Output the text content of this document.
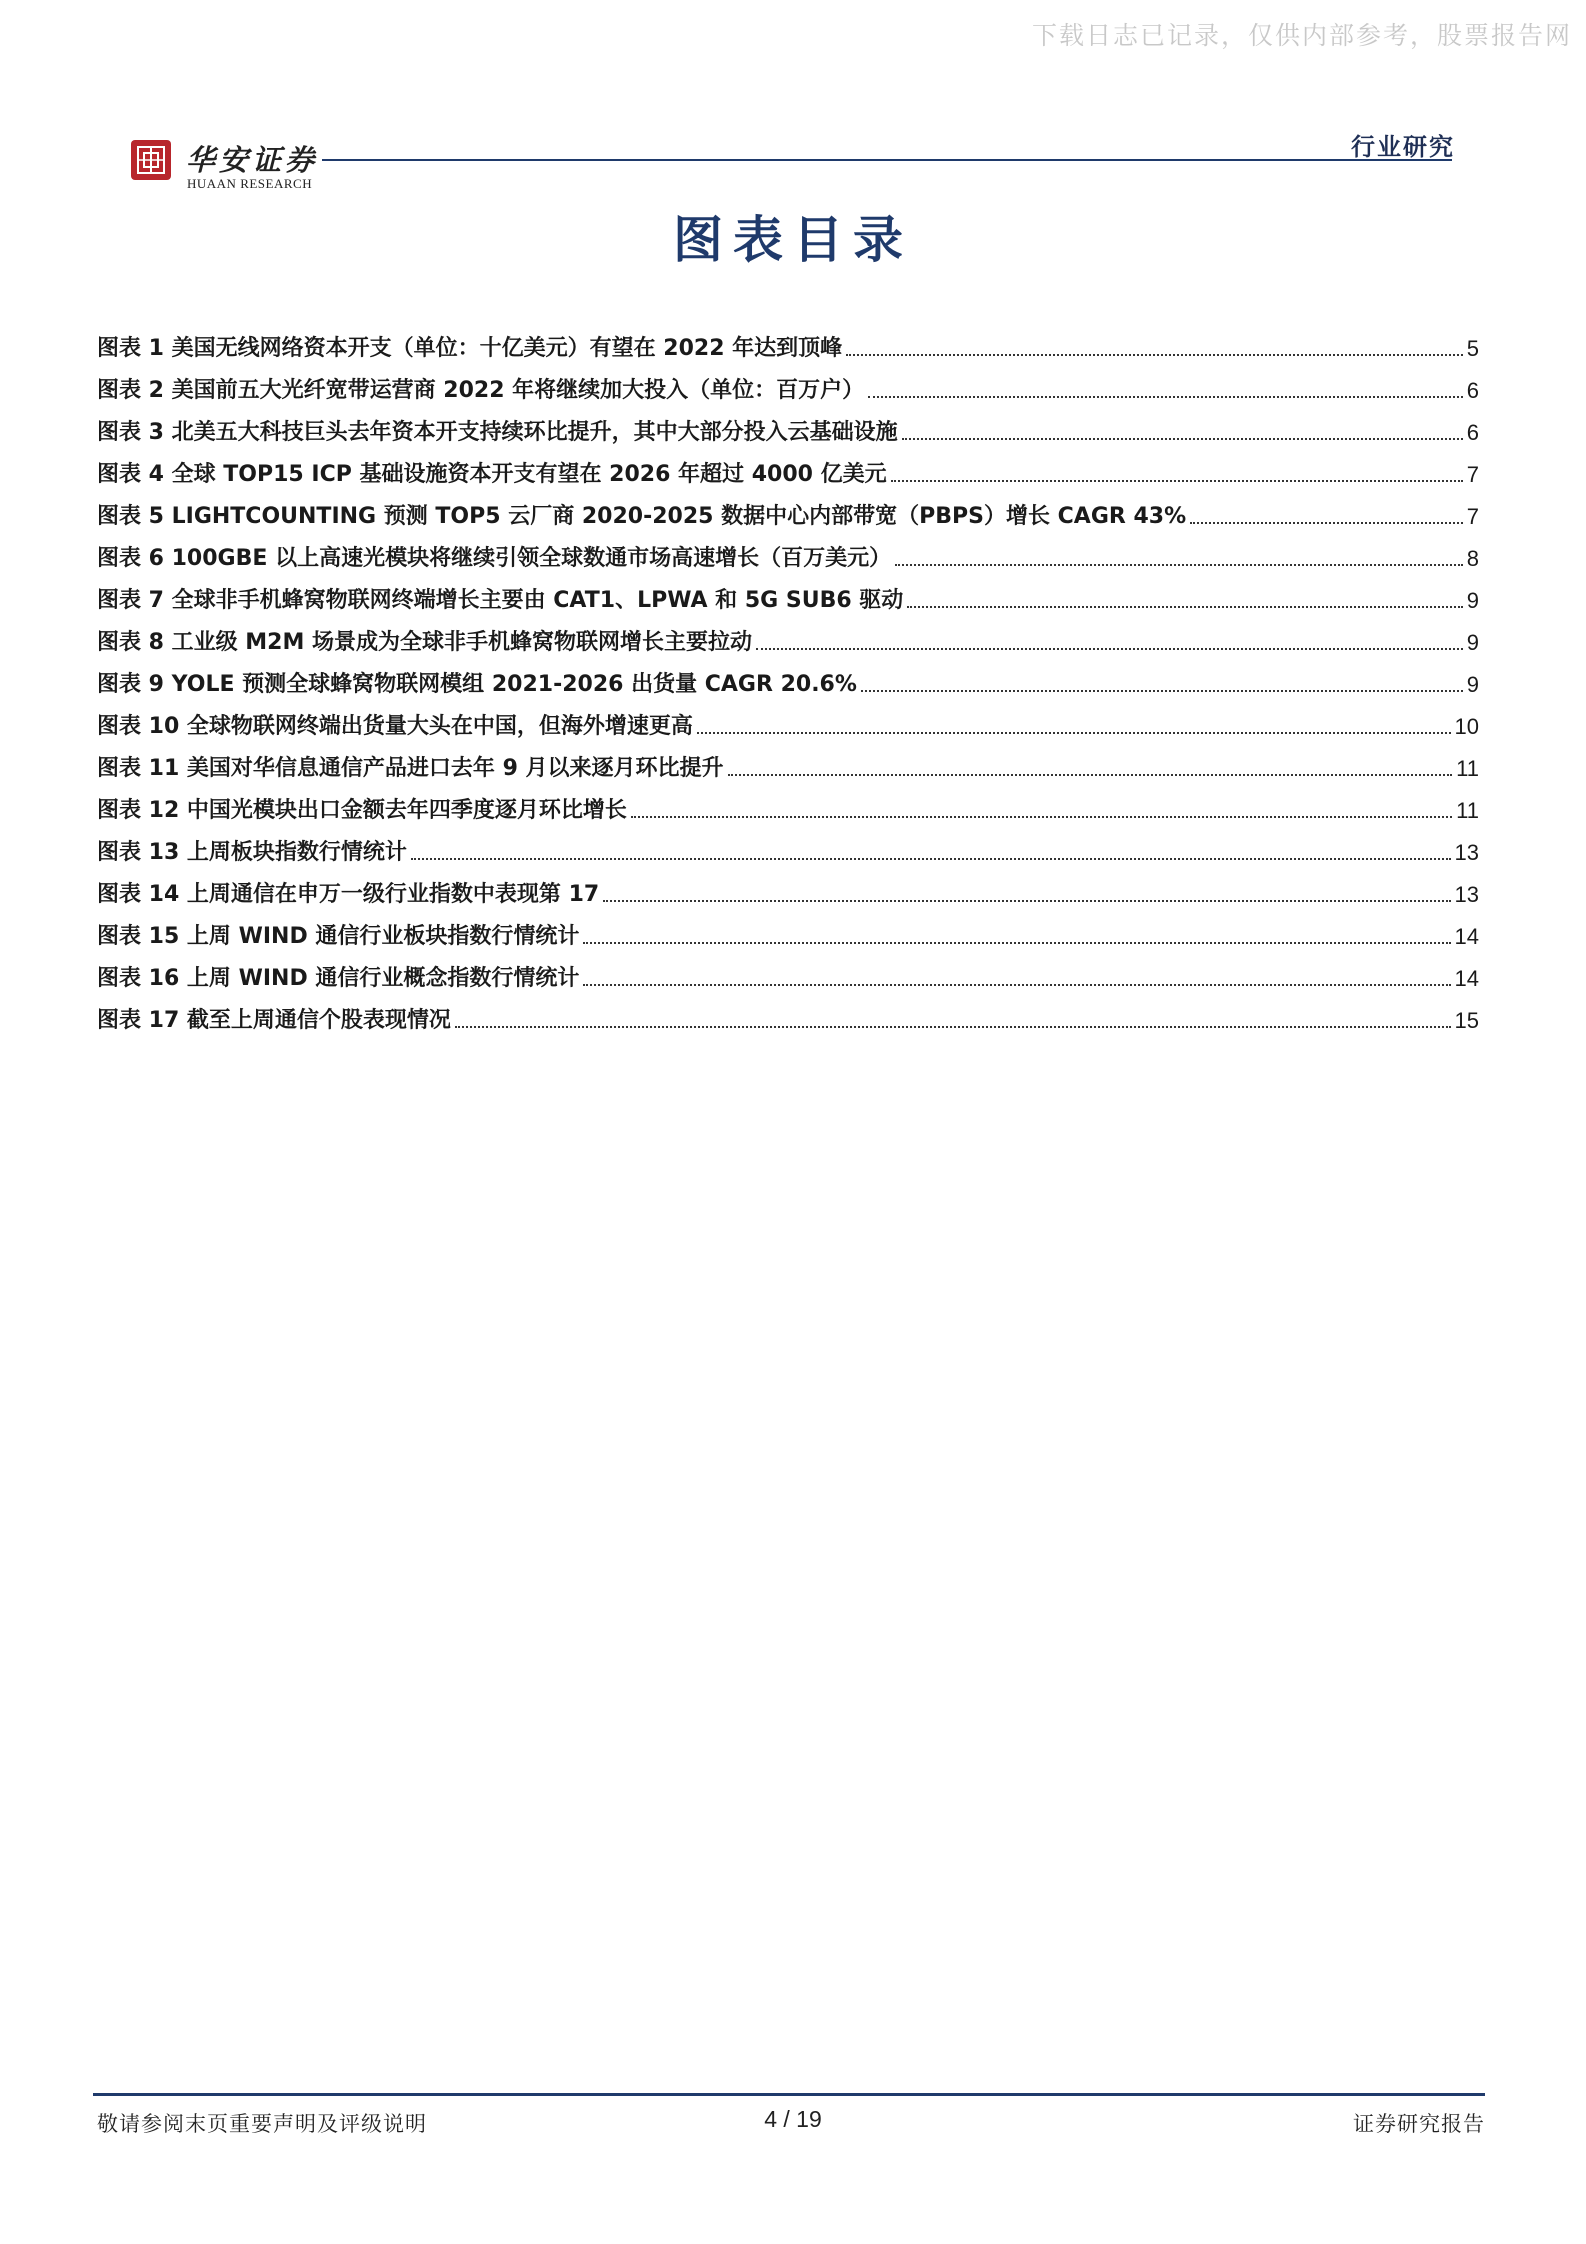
下载日志已记录，仅供内部参考，股票报告网
华安证券
HUAAN RESEARCH
行业研究
图表目录
图表 1 美国无线网络资本开支（单位：十亿美元）有望在 2022 年达到顶峰	5
图表 2 美国前五大光纤宽带运营商 2022 年将继续加大投入（单位：百万户）	6
图表 3 北美五大科技巨头去年资本开支持续环比提升，其中大部分投入云基础设施	6
图表 4 全球 TOP15 ICP 基础设施资本开支有望在 2026 年超过 4000 亿美元	7
图表 5 LIGHTCOUNTING 预测 TOP5 云厂商 2020-2025 数据中心内部带宽（PBPS）增长 CAGR 43%	7
图表 6 100GBE 以上高速光模块将继续引领全球数通市场高速增长（百万美元）	8
图表 7 全球非手机蜂窝物联网终端增长主要由 CAT1、LPWA 和 5G SUB6 驱动	9
图表 8 工业级 M2M 场景成为全球非手机蜂窝物联网增长主要拉动	9
图表 9 YOLE 预测全球蜂窝物联网模组 2021-2026 出货量 CAGR 20.6%	9
图表 10 全球物联网终端出货量大头在中国，但海外增速更高	10
图表 11 美国对华信息通信产品进口去年 9 月以来逐月环比提升	11
图表 12 中国光模块出口金额去年四季度逐月环比增长	11
图表 13 上周板块指数行情统计	13
图表 14 上周通信在申万一级行业指数中表现第 17	13
图表 15 上周 WIND 通信行业板块指数行情统计	14
图表 16 上周 WIND 通信行业概念指数行情统计	14
图表 17 截至上周通信个股表现情况	15
敬请参阅末页重要声明及评级说明	4 / 19	证券研究报告
